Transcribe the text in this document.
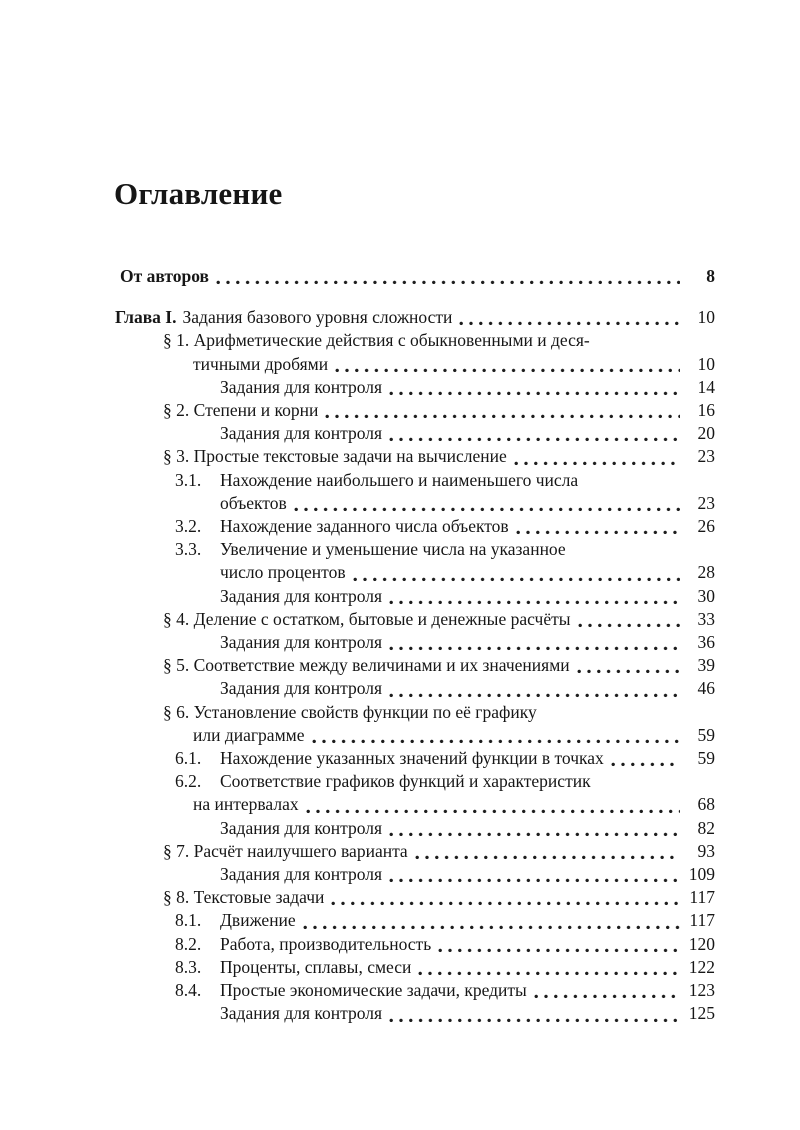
Оглавление
От авторов	8
Глава I. Задания базового уровня сложности	10
§ 1. Арифметические действия с обыкновенными и деся-
тичными дробями	10
Задания для контроля	14
§ 2. Степени и корни	16
Задания для контроля	20
§ 3. Простые текстовые задачи на вычисление	23
3.1.	Нахождение наибольшего и наименьшего числа
объектов	23
3.2.	Нахождение заданного числа объектов	26
3.3.	Увеличение и уменьшение числа на указанное
число процентов	28
Задания для контроля	30
§ 4. Деление с остатком, бытовые и денежные расчёты	33
Задания для контроля	36
§ 5. Соответствие между величинами и их значениями	39
Задания для контроля	46
§ 6. Установление свойств функции по её графику
или диаграмме	59
6.1.	Нахождение указанных значений функции в точках	59
6.2.	Соответствие графиков функций и характеристик
на интервалах	68
Задания для контроля	82
§ 7. Расчёт наилучшего варианта	93
Задания для контроля	109
§ 8. Текстовые задачи	117
8.1.	Движение	117
8.2.	Работа, производительность	120
8.3.	Проценты, сплавы, смеси	122
8.4.	Простые экономические задачи, кредиты	123
Задания для контроля	125
